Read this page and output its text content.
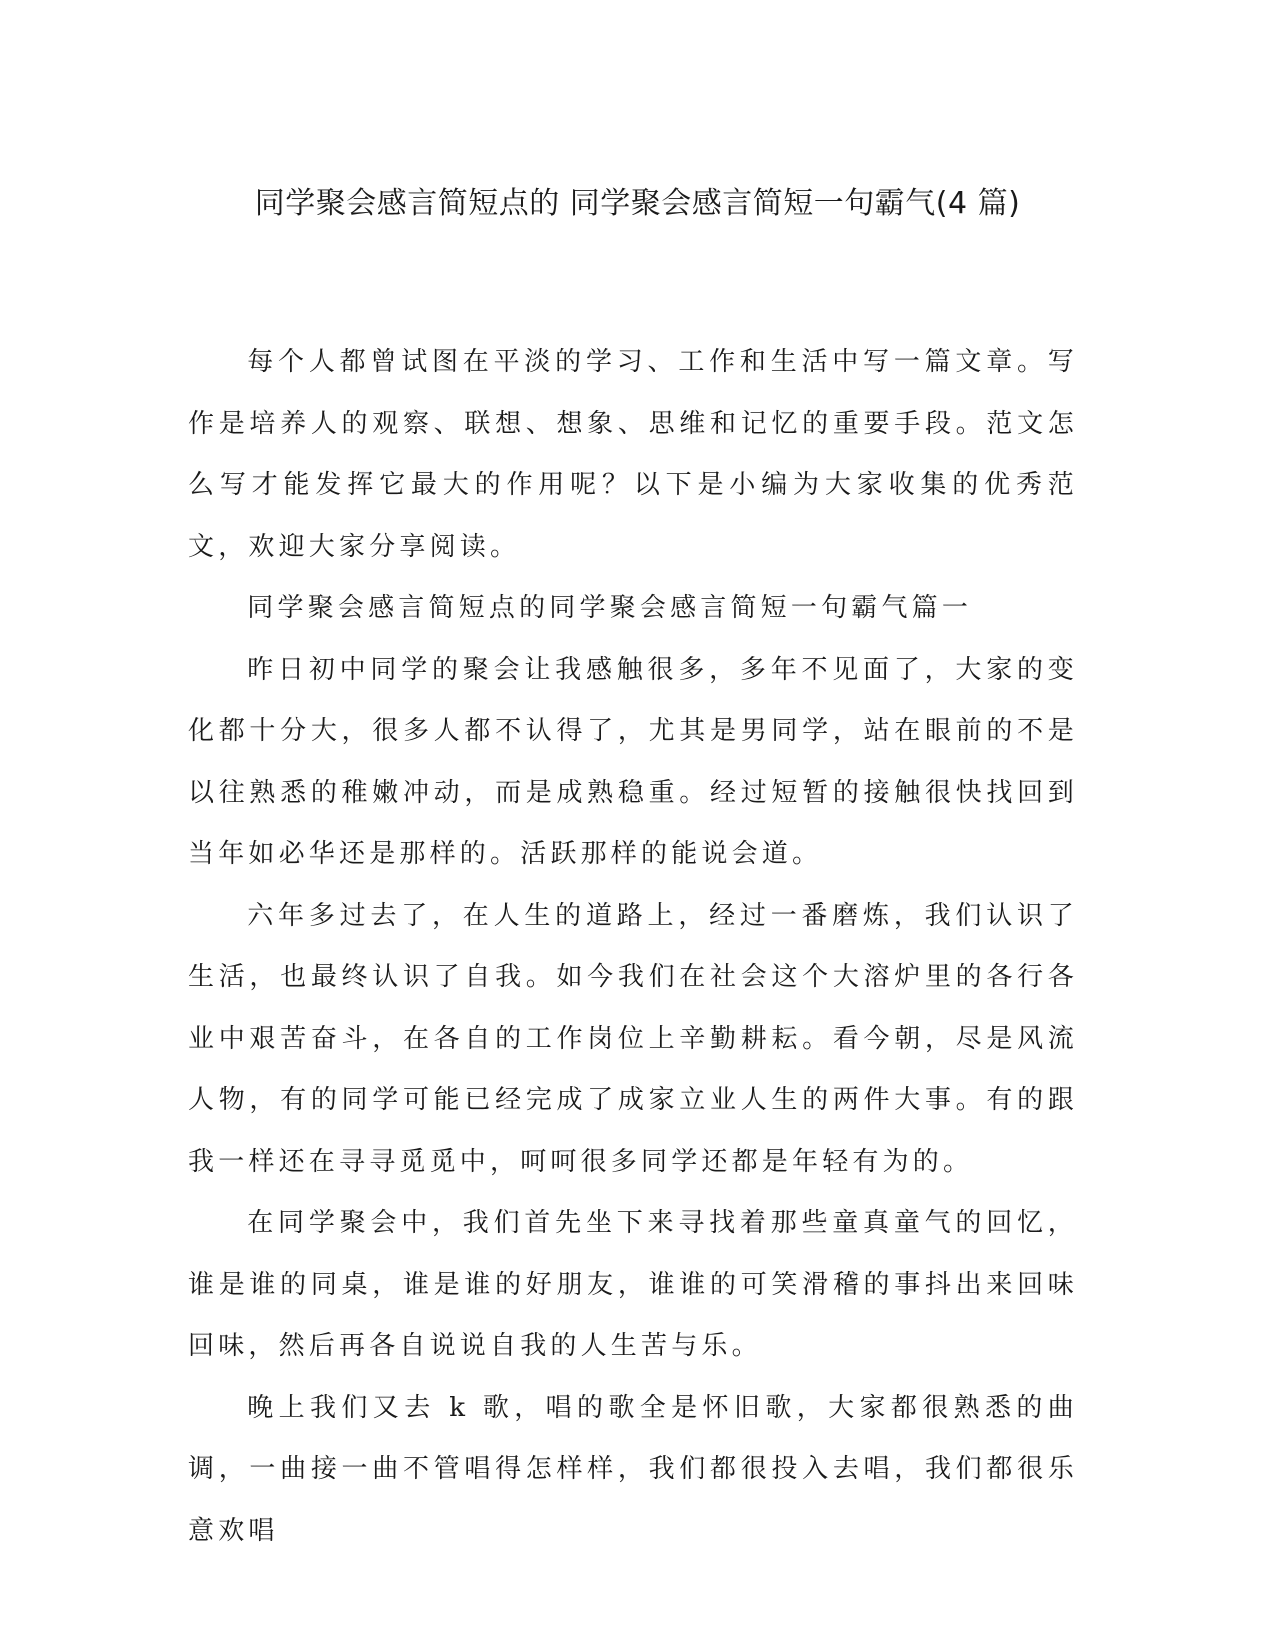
同学聚会感言简短点的 同学聚会感言简短一句霸气(4 篇)

每个人都曾试图在平淡的学习、工作和生活中写一篇文章。写作是培养人的观察、联想、想象、思维和记忆的重要手段。范文怎么写才能发挥它最大的作用呢？以下是小编为大家收集的优秀范文，欢迎大家分享阅读。

同学聚会感言简短点的同学聚会感言简短一句霸气篇一

昨日初中同学的聚会让我感触很多，多年不见面了，大家的变化都十分大，很多人都不认得了，尤其是男同学，站在眼前的不是以往熟悉的稚嫩冲动，而是成熟稳重。经过短暂的接触很快找回到当年如必华还是那样的。活跃那样的能说会道。

六年多过去了，在人生的道路上，经过一番磨炼，我们认识了生活，也最终认识了自我。如今我们在社会这个大溶炉里的各行各业中艰苦奋斗，在各自的工作岗位上辛勤耕耘。看今朝，尽是风流人物，有的同学可能已经完成了成家立业人生的两件大事。有的跟我一样还在寻寻觅觅中，呵呵很多同学还都是年轻有为的。

在同学聚会中，我们首先坐下来寻找着那些童真童气的回忆，谁是谁的同桌，谁是谁的好朋友，谁谁的可笑滑稽的事抖出来回味回味，然后再各自说说自我的人生苦与乐。

晚上我们又去 k 歌，唱的歌全是怀旧歌，大家都很熟悉的曲调，一曲接一曲不管唱得怎样样，我们都很投入去唱，我们都很乐意欢唱
